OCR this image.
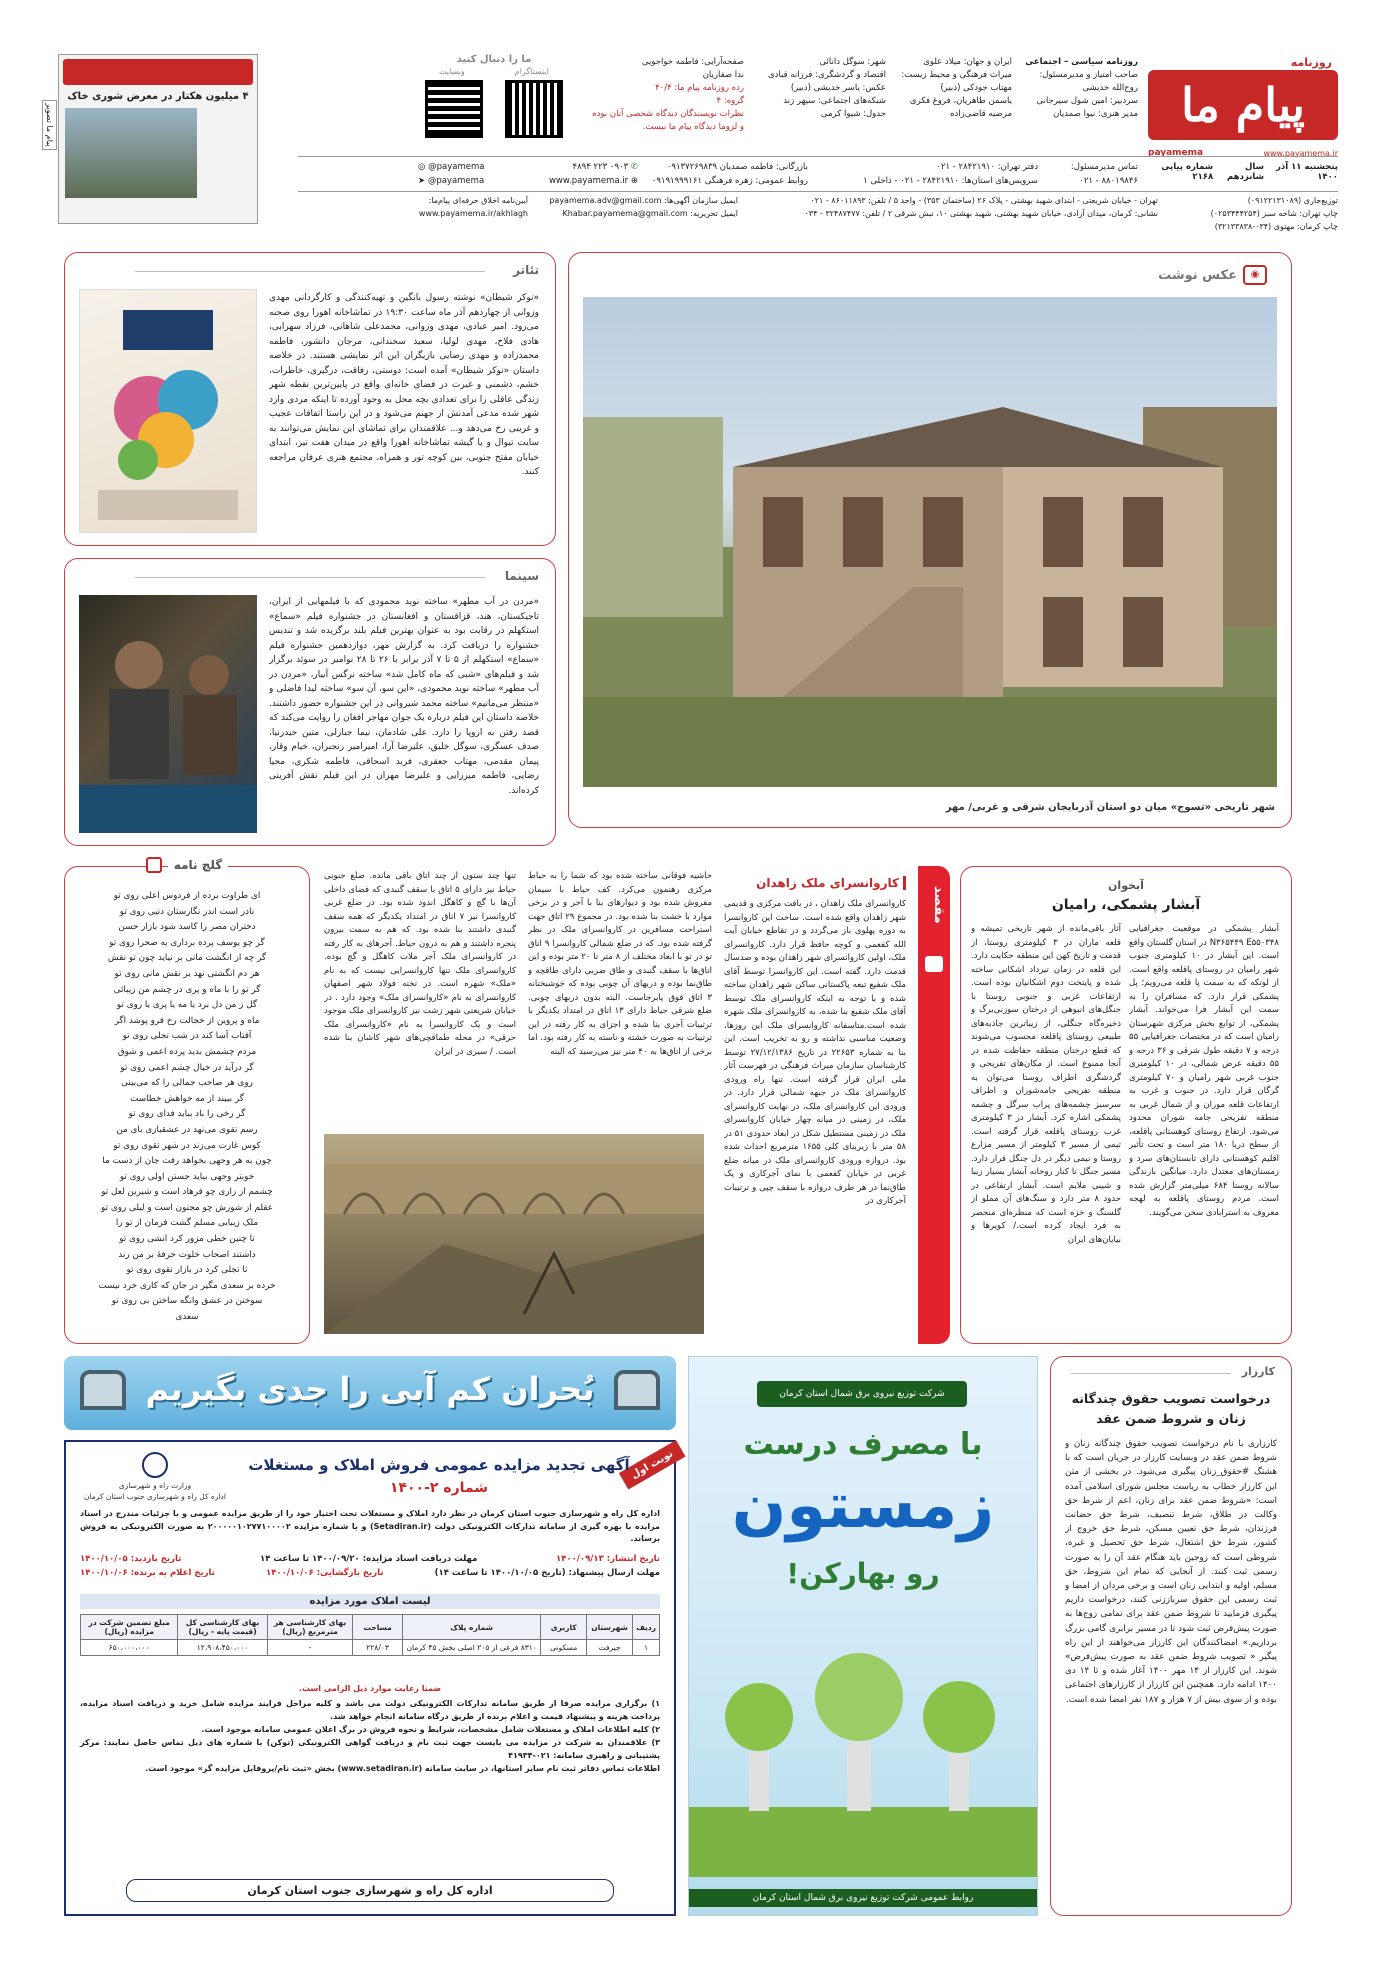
روزنامه
پیام ما
www.payamema.ir
payamema
روزنامه سیاسی – اجتماعی
صاحب امتیاز و مدیرمسئول:
روح‌الله خدیشی
سردبیر: امین شول سیرجانی
مدیر هنری: نیوا صمدیان
ایران و جهان: میلاد علوی
میراث فرهنگی و محیط زیست:
مهتاب جودکی (دبیر)
یاسمن طاهریان، فروغ فکری
مرضیه قاضی‌زاده
شهر: سوگل دانائی
اقتصاد و گردشگری: فرزانه قبادی
عکس: یاسر خدیشی (دبیر)
شبکه‌های اجتماعی: سپهر زند
جدول: شیوا کرمی
صفحه‌آرایی: فاطمه خواجویی
ندا صفاریان
رده روزنامه پیام ما: ۴۰/۴
گروه: ۴
نظرات نویسندگان دیدگاه شخصی آنان بوده
و لزوما دیدگاه پیام ما نیست.
ما را دنبال کنید
اینستاگرام
وبسایت
۴ میلیون هکتار در معرض شوری خاک
پیام ما تصویر
پنجشنبه ۱۱ آذر ۱۴۰۰
سال شانزدهم
شماره پیاپی ۲۱۶۸
تماس مدیرمسئول:
۸۸۰۱۹۸۴۶ - ۰۲۱
دفتر تهران: ۲۸۴۲۱۹۱۰ - ۰۲۱
سرویس‌های استان‌ها: ۲۸۴۲۱۹۱۰ - ۰۲۱ - داخلی ۱
بازرگانی: فاطمه صمدیان ۰۹۱۳۷۲۶۹۸۳۹
روابط عمومی: زهره فرهنگی ۰۹۱۹۱۹۹۹۱۶۱
✆ ۰۹۰۳ ۲۲۳ ۴۸۹۴
⊕ www.payamema.ir
◎ @payamema
➤ @payamema
توزیع‌جاری (۰۹۱۲۲۱۳۱۰۸۹)
چاپ تهران: شاخه سبز (۰۲۵۳۴۴۴۲۵۴)
چاپ کرمان: مهتوی (۰۳۴-۳۲۱۳۳۸۳۸)
تهران - خیابان شریعتی - ابتدای شهید بهشتی - پلاک ۲۶ (ساختمان ۳۵۳) - واحد ۵ / تلفن: ۸۶۰۱۱۸۹۳ - ۰۲۱
نشانی: کرمان، میدان آزادی، خیابان شهید بهشتی، شهید بهشتی ۱۰، نبش شرقی ۲ / تلفن: ۳۲۴۸۷۴۷۷ - ۰۳۴
ایمیل سازمان آگهی‌ها: payamema.adv@gmail.com
ایمیل تحریریه: Khabar.payamema@gmail.com
آیین‌نامه اخلاق حرفه‌ای پیام‌ما:
www.payamema.ir/akhlagh
◉
عکس نوشت
شهر تاریخی «تسوج» میان دو استان آذربایجان شرقی و غربی/ مهر
تئاتر
«نوکر شیطان» نوشته رسول بانگین و تهیه‌کنندگی و کارگردانی مهدی وزوانی از چهاردهم آذر ماه ساعت ۱۹:۳۰ در تماشاخانه اهورا روی صحنه می‌رود. امیر عبادی، مهدی وزوانی، محمدعلی شاهانی، فرزاد سهرابی، هادی فلاح، مهدی لولیا، سعید سخندانی، مرجان دانشور، فاطمه محمدزاده و مهدی رضایی بازیگران این اثر نمایشی هستند. در خلاصه داستان «نوکر شیطان» آمده است: دوستی، رفاقت، درگیری، خاطرات، خشم، دشمنی و غیرت در فضای خانه‌ای واقع در پایین‌ترین نقطه شهر زندگی عاقلی را برای تعدادی بچه محل به وجود آورده تا اینکه مردی وارد شهر شده مدعی آمدنش از جهنم می‌شود و در این راستا اتفاقات عجیب و غریبی رخ می‌دهد و... علاقمندان برای تماشای این نمایش می‌توانند به سایت تیوال و یا گیشه تماشاخانه اهورا واقع در میدان هفت تیر، ابتدای خیابان مفتح جنوبی، بین کوچه تور و همراه، مجتمع هنری عرفان مراجعه کنند.
سینما
«مردن در آب مطهر» ساخته نوید محمودی که با فیلمهایی از ایران، تاجیکستان، هند، قزاقستان و افغانستان در جشنواره فیلم «سماع» استکهلم در رقابت بود به عنوان بهترین فیلم بلند برگزیده شد و تندیس جشنواره را دریافت کرد. به گزارش مهر، دوازدهمین جشنواره فیلم «سماع» استکهلم از ۵ تا ۷ آذر برابر با ۲۶ تا ۲۸ نوامبر در سوئد برگزار شد و فیلم‌های «شبی که ماه کامل شد» ساخته نرگس آبیار، «مردن در آب مطهر» ساخته نوید محمودی، «این سو، آن سو» ساخته لیدا فاضلی و «منتظر می‌مانیم» ساخته محمد شیروانی در این جشنواره حضور داشتند. خلاصه داستان این فیلم درباره یک جوان مهاجر افغان را روایت می‌کند که قصد رفتن به اروپا را دارد. علی شادمان، نیما جبارلی، متین حیدرنیا، صدف عسگری، سوگل خلیق، علیرضا آرا، امیرامیر رنجبران، خیام وقار، پیمان مقدمی، مهتاب جعفری، فرید اسحاقی، فاطمه شکری، محیا رضایی، فاطمه میرزایی و علیرضا مهران در این فیلم نقش آفرینی کرده‌اند.
آبخوان
آبشار پشمکی، رامیان
آبشار پشمکی در موقعیت جغرافیایی N۳۶۵۴۴۹ E۵۵۰۳۴۸ در استان گلستان واقع است. این آبشار در ۱۰ کیلومتری جنوب شهر رامیان در روستای پاقلعه واقع است. از لوتکه که به سمت پا قلعه می‌رویم؛ پل پشمکی قرار دارد. که مسافران را به سمت این آبشار فرا می‌خواند. آبشار پشمکی، از توابع بخش مرکزی شهرستان رامیان است که در مختصات جغرافیایی ۵۵ درجه و ۷ دقیقه طول شرقی و ۳۶ درجه و ۵۵ دقیقه عرض شمالی، در ۱۰ کیلومتری جنوب غربی شهر رامیان و ۷۰ کیلومتری گرگان قرار دارد. در جنوب و غرب به ارتفاعات قلعه موران و از شمال غربی به منطقه تفریحی جامه شوران محدود می‌شود. ارتفاع روستای کوهستانی پاقلعه، از سطح دریا ۱۸۰ متر است و تحت تأثیر اقلیم کوهستانی دارای تابستان‌های سرد و زمستان‌های معتدل دارد. میانگین بارندگی سالانه روستا ۶۸۴ میلی‌متر گزارش شده است. مردم روستای پاقلعه به لهجه معروف به استرابادی سخن می‌گویند.
آثار باقی‌مانده از شهر تاریخی تمیشه و قلعه ماران در ۳ کیلومتری روستا، از قدمت و تاریخ کهن این منطقه حکایت دارد. این قلعه در زمان تیرداد اشکانی ساخته شده و پایتخت دوم اشکانیان بوده است. ارتفاعات غربی و جنوبی روستا با جنگل‌های انبوهی از درختان سوزنی‌برگ و ذخیره‌گاه جنگلی، از زیباترین جاذبه‌های طبیعی روستای پاقلعه محسوب می‌شوند که قطع درختان منطقه حفاظت شده در آنجا ممنوع است. از مکان‌های تفریحی و گردشگری اطراف روستا می‌توان به منطقه تفریحی جامه‌شوران و اطراف سرسبز چشمه‌های پراب سرگل و چشمه پشمکی اشاره کرد. آبشار در ۳ کیلومتری غرب روستای پاقلعه قرار گرفته است. تیمی از مسیر ۳ کیلومتر از مسیر مزارع روستا و نیمی دیگر در دل جنگل قرار دارد. مسیر جنگل تا کنار روخانه آبشار بسیار زیبا و شیبی ملایم است. آبشار ارتفاعی در حدود ۸ متر دارد و سنگ‌های آن مملو از گلسنگ و خزه است که منظره‌ای منحصر به فرد ایجاد کرده است./ کویرها و بیابان‌های ایران
مقصد
کاروانسرای ملک زاهدان
کاروانسرای ملک زاهدان ، در بافت مرکزی و قدیمی شهر زاهدان واقع شده است. ساخت این کاروانسرا به دوره پهلوی باز می‌گردد و در تقاطع خیابان آیت الله کفعمی و کوچه حافظ قرار دارد. کاروانسرای ملک، اولین کاروانسرای شهر زاهدان بوده و صدسال قدمت دارد. گفته است. این کاروانسرا توسط آقای ملک شفیع تبعه پاکستانی ساکن شهر زاهدان ساخته شده و با توجه به اینکه کاروانسرای ملک توسط آقای ملک شفیع بنا شده، به کاروانسرای ملک شهره شده است.متاسفانه کاروانسرای ملک این روزها، وضعیت مناسبی نداشته و رو به تخریب است. این بنا به شماره ۲۲۶۵۳ در تاریخ ۲۷/۱۲/۱۳۸۶ توسط کارشناسان سازمان میراث فرهنگی در فهرست آثار ملی ایران قرار گرفته است. تنها راه ورودی کاروانسرای ملک در جبهه شمالی قرار دارد. در ورودی این کاروانسرای ملک، در نهایت کاروانسرای ملک، در زمینی در میانه چهار خیابان کاروانسرای ملک در زمینی مستطیل شکل در ابعاد حدودی ۵۱ در ۵۸ متر با زیربنای کلی ۱۶۵۵ مترمربع احداث شده بود. دروازه ورودی کاروانسرای ملک در میانه ضلع غربی در خیابان کفعمی با نمای آجرکاری و یک طاق‌نما در هر طرف دروازه با سقف چپی و ترتیبات آجرکاری در
حاشیه فوقانی ساخته شده بود که شما را به حیاط مرکزی رهنمون می‌کرد. کف حیاط با سیمان مفروش شده بود و دیوارهای بنا با آجر و در برخی موارد با خشت بنا شده بود. در مجموع ۲۹ اتاق جهت استراحت مسافرین در کاروانسرای ملک در نظر گرفته شده بود. که در ضلع شمالی کاروانسرا ۹ اتاق تو در تو با ابعاد مختلف از ۸ متر تا ۲۰ متر بوده و این اتاق‌ها با سقف گنبدی و طاق ضربی دارای طاقچه و طاق‌نما بوده و دربهای آن چوبی بوده که خوشبختانه ۳ اتاق فوق پابرجاست. البته بدون دربهای چوبی. ضلع شرقی حیاط دارای ۱۳ اتاق در امتداد یکدیگر با ترتیبات آجری بنا شده و اجزای به کار رفته در این ترتیبات به صورت خشته و ناسته به کار رفته بود. اما برخی از اتاق‌ها به ۴۰ متر نیز می‌رسید که البته
تنها چند ستون از چند اتاق باقی مانده. ضلع جنوبی حیاط نیز دارای ۵ اتاق با سقف گنبدی که فضای داخلی آن‌ها با گچ و کاهگل اندود شده بود. در ضلع غربی کاروانسرا نیز ۷ اتاق در امتداد یکدیگر که همه سقف گنبدی داشتند بنا شده بود. که هم به سمت بیرون پنجره داشتند و هم به درون حیاط. آجرهای به کار رفته در کاروانسرای ملک آجر ملات کاهگل و گچ بوده. کاروانسرای ملک تنها کاروانسرایی نیست که به نام «ملک» شهره است. در تخته فولاد شهر اصفهان کاروانسرای به نام «کاروانسرای ملک» وجود دارد . در خیابان شریعتی شهر زشت نیز کاروانسرای ملک موجود است و یک کاروانسرا به نام «کاروانسرای ملک حرقی» در محله طماقچی‌های شهر کاشان بنا شده است. / سیری در ایران
گلچ نامه
ای طراوت برده از فردوس اعلی روی تو
نادر است اندر نگارستان دنیی روی تو
دختران مصر را کاسد شود بازار حسن
گر چو یوسف پرده برداری به صحرا روی تو
گر چه از انگشت مانی بر نیاید چون تو نقش
هر دم انگشتی نهد بر نقش مانی روی تو
گر تو را با ماه و پری در چشم من زیبائی
گل ز من دل برد یا مه یا پری یا روی تو
ماه و پروین از خجالت رخ فرو پوشد اگر
آفتاب آسا کند در شب تجلی روی تو
مردم چشمش بدید پرده اعمی و شوق
گر درآید در خیال چشم اعمی روی تو
روی هر صاحب جمالی را که می‌بینی
گر ببیند از مه خواهش خطاست
گر رخی را باد بباید فدای روی تو
رسم تقوی می‌نهد در عشقبازی بای من
کوس غارت می‌زند در شهر تقوی روی تو
چون به هر وجهی بخواهد رفت جان از دست ما
خوبتر وجهی بباید جستن اولی روی تو
چشمم از زاری چو فرهاد است و شیرین لعل تو
عقلم از شورش چو مجنون است و لیلی روی تو
ملک زیبایی مسلم گشت فرمان از تو را
تا چنین خطی مزور کرد انشی روی تو
داشتند اصحاب خلوت حرفهٔ بر من رند
تا تجلی کرد در بازار تقوی روی تو
خرده بر سعدی مگیر در جان که کاری خرد نیست
سوختن در عشق وانگه ساختن بی روی تو
سعدی
کارزار
درخواست تصویب حقوق چندگانه زنان و شروط ضمن عقد
کارزاری با نام درخواست تصویب حقوق چندگانه زنان و شروط ضمن عقد در وبسایت کارزار در جریان است که با هشتگ #حقوق_زنان پیگیری می‌شود. در بخشی از متن این کارزار خطاب به ریاست مجلس شورای اسلامی آمده است: «شروط ضمن عقد برای زنان، اعم از شرط حق وکالت در طلاق، شرط تنصیف، شرط حق حضانت فرزندان، شرط حق تعیین مسکن، شرط حق خروج از کشور، شرط حق اشتغال، شرط حق تحصیل و غیره، شروطی است که زوجین باید هنگام عقد آن را به صورت رسمی ثبت کنند. از آنجایی که تمام این شروط، حق مسلم، اولیه و ابتدایی زنان است و برخی مردان از امضا و ثبت رسمی این حقوق سرباززنی کنند، درخواست داریم پیگیری فرمایید تا شروط ضمن عقد برای تمامی زوج‌ها به صورت پیش‌فرض ثبت شود تا در مسیر برابری گامی بزرگ برداریم.» امضاکنندگان این کارزار می‌خواهند از این راه پیگیر « تصویب شروط ضمن عقد به صورت پیش‌فرض» شوند. این کارزار از ۱۴ مهر ۱۴۰۰ آغاز شده و تا ۱۴ دی ۱۴۰۰ ادامه دارد. همچنین این کارزار از کارزارهای اجتماعی بوده و از سوی بیش از ۷ هزار و ۱۸۷ نفر امضا شده است.
شرکت توزیع نیروی برق شمال استان کرمان
با مصرف درست
زمستون
رو بهارکن!
روابط عمومی شرکت توزیع نیروی برق شمال استان کرمان
بُحران کم آبی را جدی بگیریم
نوبت اول
وزارت راه و شهرسازی
اداره کل راه و شهرسازی جنوب استان کرمان
آگهی تجدید مزایده عمومی فروش املاک و مستغلات
شماره ۲-۱۴۰۰
اداره کل راه و شهرسازی جنوب استان کرمان در نظر دارد املاک و مستغلات تحت اختیار خود را از طریق مزایده عمومی و با جزئیات مندرج در اسناد مزایده با بهره گیری از سامانه تدارکات الکترونیکی دولت (Setadiran.ir) و با شماره مزایده ۲۰۰۰۰۰۱۰۲۷۷۱۰۰۰۰۲ به صورت الکترونیکی به فروش برساند.
تاریخ انتشار: ۱۴۰۰/۰۹/۱۳
مهلت دریافت اسناد مزایده: ۱۴۰۰/۰۹/۲۰ تا ساعت ۱۴
تاریخ بازدید: ۱۴۰۰/۱۰/۰۵
مهلت ارسال پیشنهاد: (تاریخ ۱۴۰۰/۱۰/۰۵ تا ساعت ۱۴)
تاریخ بازگشایی: ۱۴۰۰/۱۰/۰۶
تاریخ اعلام به برنده: ۱۴۰۰/۱۰/۰۶
لیست املاک مورد مزایده
ردیف	شهرستان	کاربری	شماره پلاک	مساحت	بهای کارشناسی هر مترمربع (ریال)	بهای کارشناسی کل (قیمت پایه - ریال)	مبلغ تضمین شرکت در مزایده (ریال)
۱	جیرفت	مسکونی	۸۳۱۰ فرعی از ۲۰۵ اصلی بخش ۴۵ کرمان	۲۲۸/۰۳	-	۱۲،۹۰۸،۴۵۰،۰۰۰	۶۵۰،۰۰۰،۰۰۰
ضمنا رعایت موارد ذیل الزامی است.
۱) برگزاری مزایده صرفا از طریق سامانه تدارکات الکترونیکی دولت می باشد و کلیه مراحل فرایند مزایده شامل خرید و دریافت اسناد مزایده، پرداخت هزینه و پیشنهاد قیمت و اعلام برنده از طریق درگاه سامانه انجام خواهد شد.
۲) کلیه اطلاعات املاک و مستغلات شامل مشخصات، شرایط و نحوه فروش در برگ اعلان عمومی سامانه موجود است.
۳) علاقمندان به شرکت در مزایده می بایست جهت ثبت نام و دریافت گواهی الکترونیکی (توکن) با شماره های ذیل تماس حاصل نمایند: مرکز پشتیبانی و راهبری سامانه: ۰۲۱-۴۱۹۳۴
اطلاعات تماس دفاتر ثبت نام سایر استانها، در سایت سامانه (www.setadiran.ir) بخش «ثبت نام/پروفایل مزایده گر» موجود است.
اداره کل راه و شهرسازی جنوب استان کرمان
